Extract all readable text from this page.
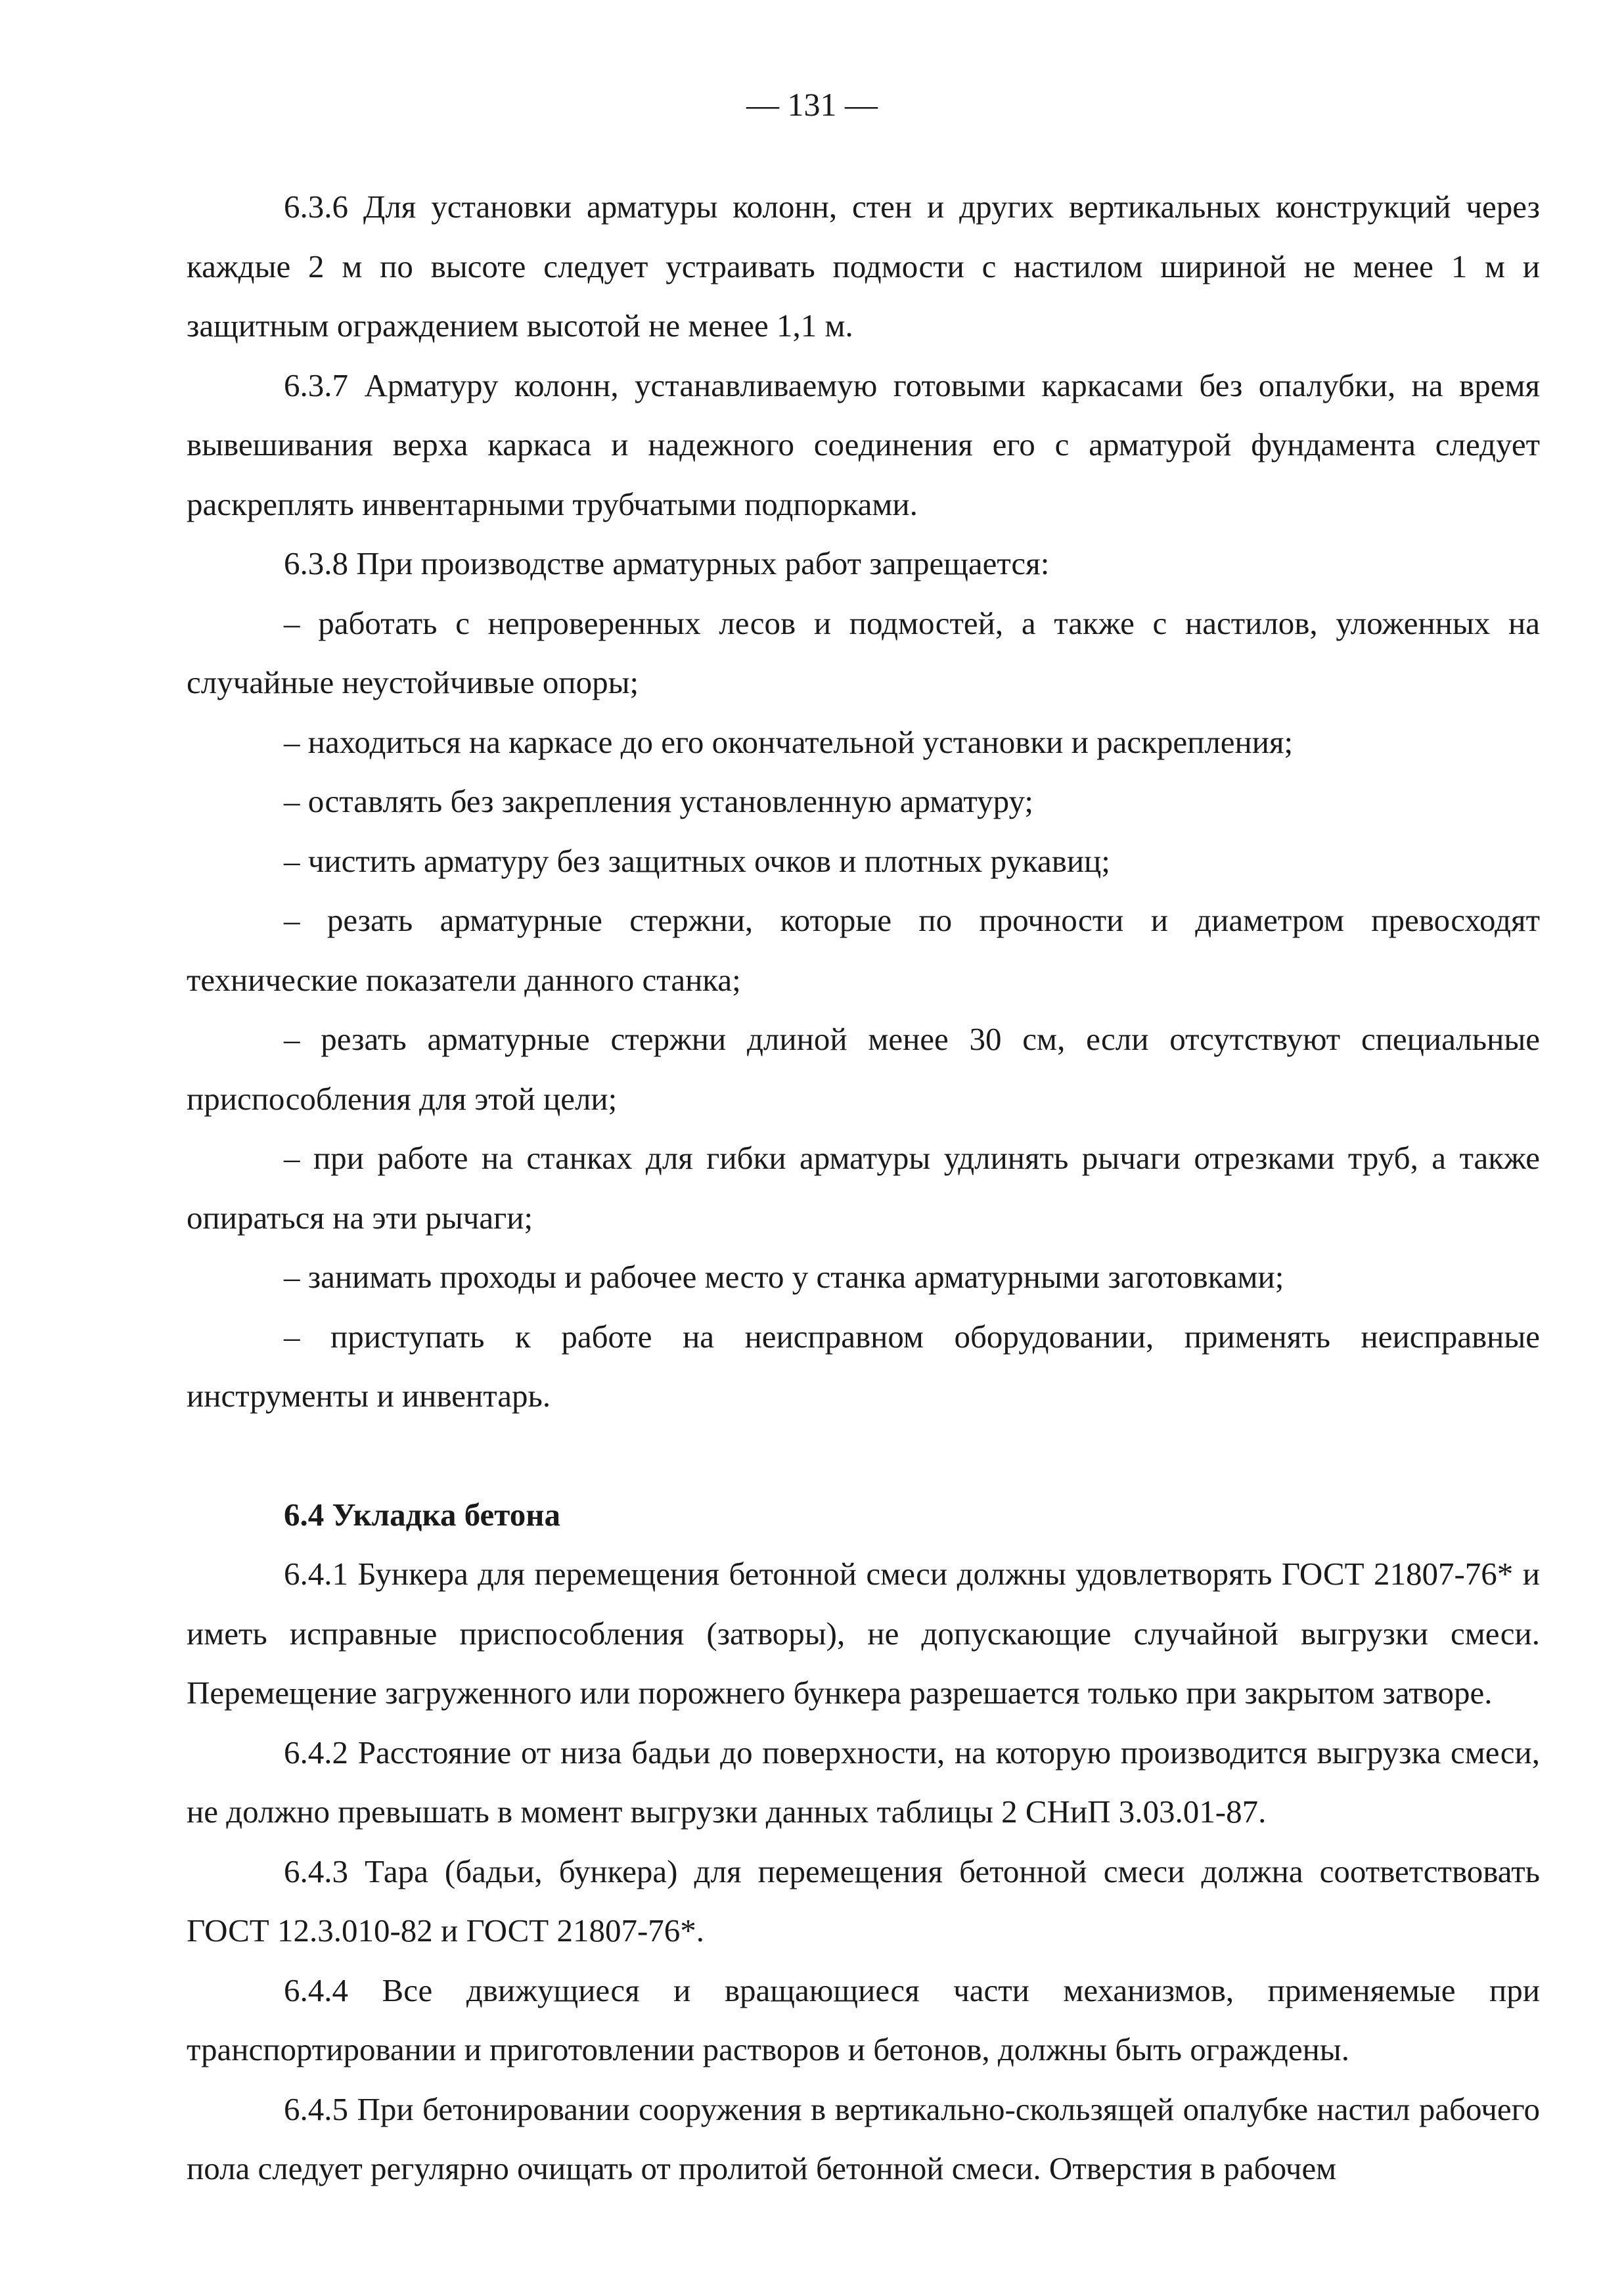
— 131 —

6.3.6 Для установки арматуры колонн, стен и других вертикальных конструкций через каждые 2 м по высоте следует устраивать подмости с настилом шириной не менее 1 м и защитным ограждением высотой не менее 1,1 м.

6.3.7 Арматуру колонн, устанавливаемую готовыми каркасами без опалубки, на время вывешивания верха каркаса и надежного соединения его с арматурой фундамента следует раскреплять инвентарными трубчатыми подпорками.

6.3.8 При производстве арматурных работ запрещается:

– работать с непроверенных лесов и подмостей, а также с настилов, уложенных на случайные неустойчивые опоры;

– находиться на каркасе до его окончательной установки и раскрепления;

– оставлять без закрепления установленную арматуру;

– чистить арматуру без защитных очков и плотных рукавиц;

– резать арматурные стержни, которые по прочности и диаметром превосходят технические показатели данного станка;

– резать арматурные стержни длиной менее 30 см, если отсутствуют специальные приспособления для этой цели;

– при работе на станках для гибки арматуры удлинять рычаги отрезками труб, а также опираться на эти рычаги;

– занимать проходы и рабочее место у станка арматурными заготовками;

– приступать к работе на неисправном оборудовании, применять неисправные инструменты и инвентарь.

6.4 Укладка бетона

6.4.1 Бункера для перемещения бетонной смеси должны удовлетворять ГОСТ 21807-76* и иметь исправные приспособления (затворы), не допускающие случайной выгрузки смеси. Перемещение загруженного или порожнего бункера разрешается только при закрытом затворе.

6.4.2 Расстояние от низа бадьи до поверхности, на которую производится выгрузка смеси, не должно превышать в момент выгрузки данных таблицы 2 СНиП 3.03.01-87.

6.4.3 Тара (бадьи, бункера) для перемещения бетонной смеси должна соответствовать ГОСТ 12.3.010-82 и ГОСТ 21807-76*.

6.4.4 Все движущиеся и вращающиеся части механизмов, применяемые при транспортировании и приготовлении растворов и бетонов, должны быть ограждены.

6.4.5 При бетонировании сооружения в вертикально-скользящей опалубке настил рабочего пола следует регулярно очищать от пролитой бетонной смеси. Отверстия в рабочем
